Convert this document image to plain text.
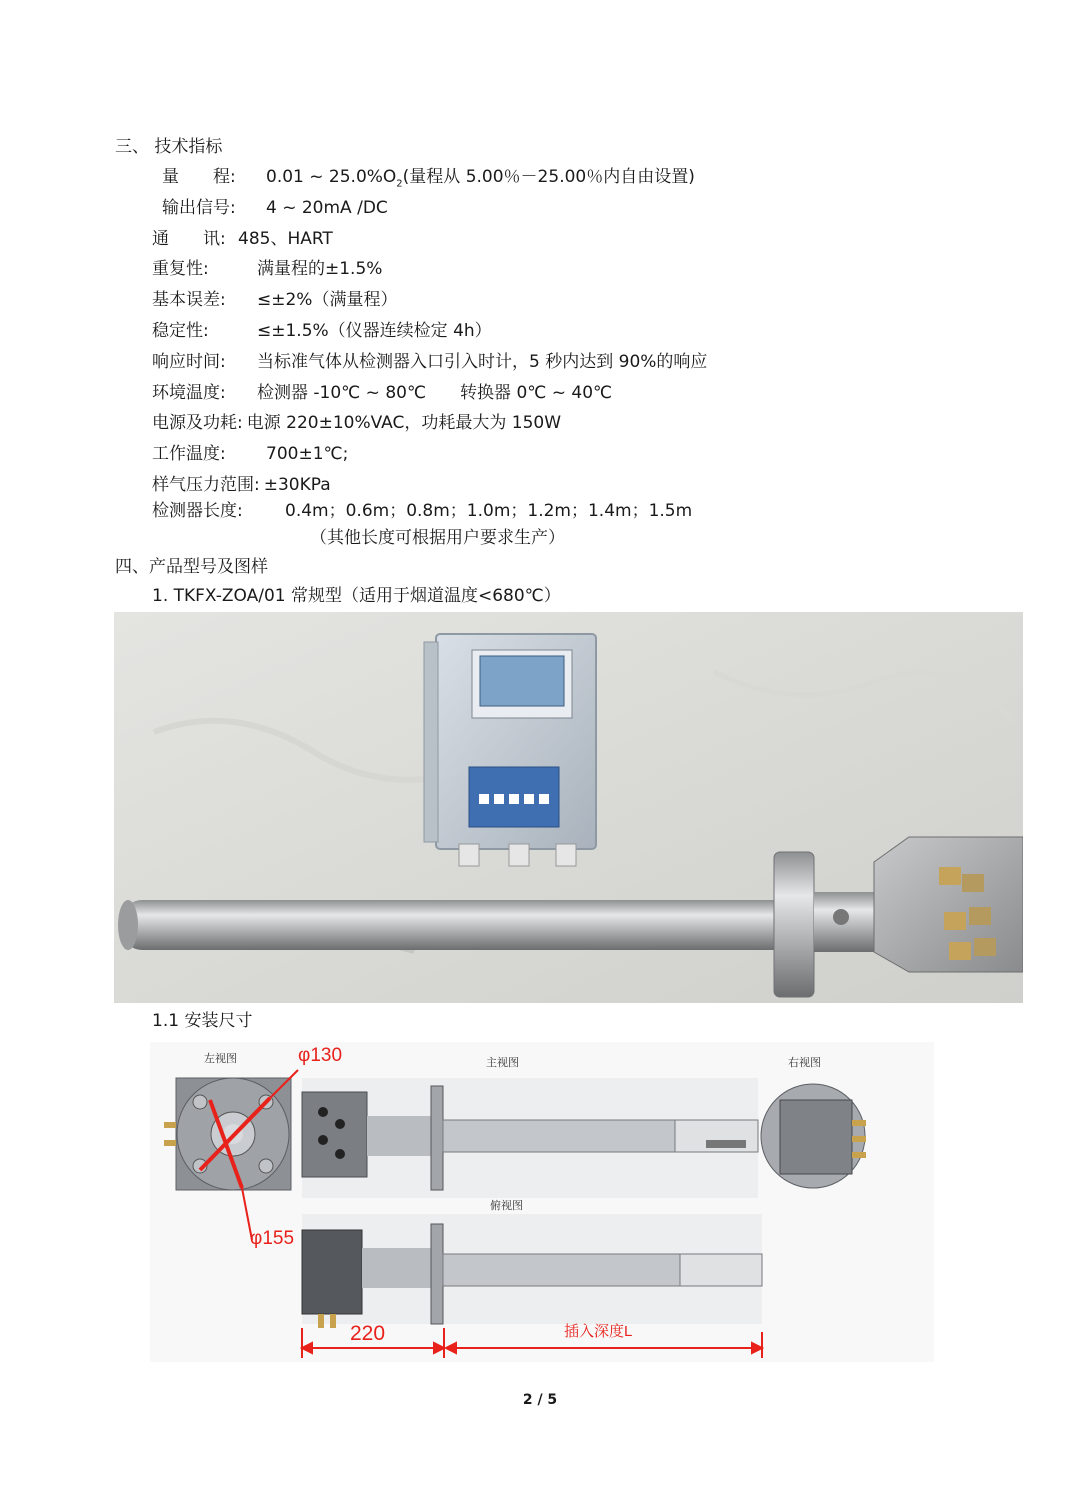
三、 技术指标
量　　程: 0.01 ~ $25.0\%O_2$(量程从 5.00％－25.00％内自由设置)
输出信号: 4 ~ 20mA /DC
通　　讯: 485、HART
重复性:	满量程的±1.5%
基本误差: ≤±2%（满量程）
稳定性:	≤±1.5%（仪器连续检定 4h）
响应时间: 当标准气体从检测器入口引入时计，5 秒内达到 90%的响应
环境温度: 检测器 -10℃ ~ 80℃　　转换器 0℃ ~ 40℃
电源及功耗: 电源 220±10%VAC，功耗最大为 150W
工作温度: 700±1℃;
样气压力范围: ±30KPa
检测器长度: 0.4m；0.6m；0.8m；1.0m；1.2m；1.4m；1.5m
（其他长度可根据用户要求生产）
四、产品型号及图样
1. TKFX-ZOA/01 常规型（适用于烟道温度<680℃）
1.1 安装尺寸
左视图	φ130
φ155
主视图	右视图
俯视图
220	插入深度L
2 / 5
